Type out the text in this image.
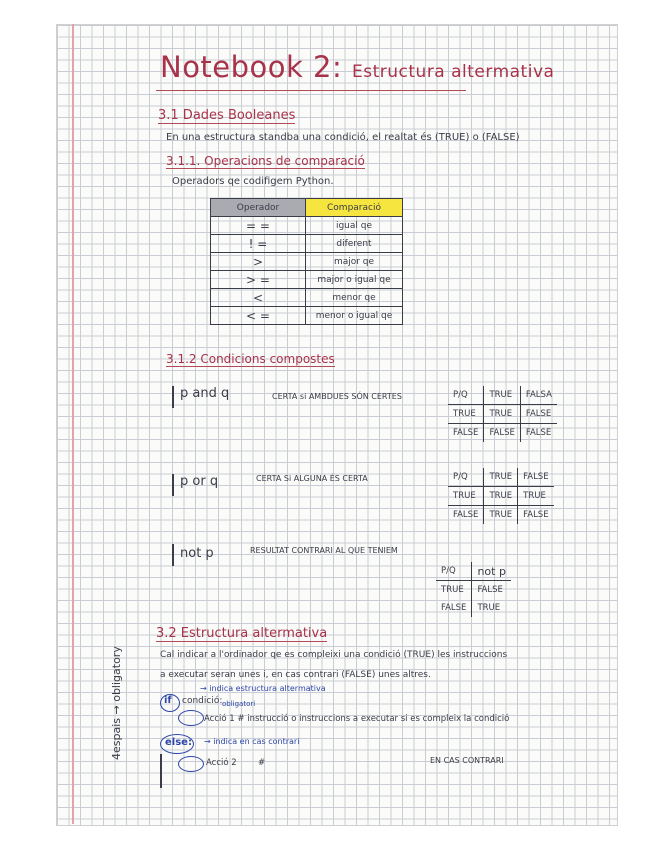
Notebook 2: Estructura altermativa
3.1 Dades Booleanes
En una estructura standba una condició, el realtat és (TRUE) o (FALSE)
3.1.1. Operacions de comparació
Operadors qe codifigem Python.
Operador	Comparació
= =	igual qe
! =	diferent
>	major qe
> =	major o igual qe
<	menor qe
< =	menor o igual qe
3.1.2 Condicions compostes
p and q	CERTA si AMBDUES SÓN CERTES	P/Q	TRUE	FALSA
TRUE	TRUE	FALSE
FALSE	FALSE	FALSE
p or q	CERTA Si ALGUNA ÉS CERTA	P/Q	TRUE	FALSE
TRUE	TRUE	TRUE
FALSE	TRUE	FALSE
not p	RESULTAT CONTRARI AL QUE TENIEM
P/Q	not p
TRUE	FALSE
FALSE	TRUE
3.2 Estructura altermativa
Cal indicar a l'ordinador qe es compleixi una condició (TRUE) les instruccions
a executar seran unes i, en cas contrari (FALSE) unes altres.
4espais → obligatory	→ indica estructura altermativa
if condició: obligatori
Acció 1 # instrucció o instruccions a executar si es compleix la condició
else: → indica en cas contrari
Acció 2	#	EN CAS CONTRARI
